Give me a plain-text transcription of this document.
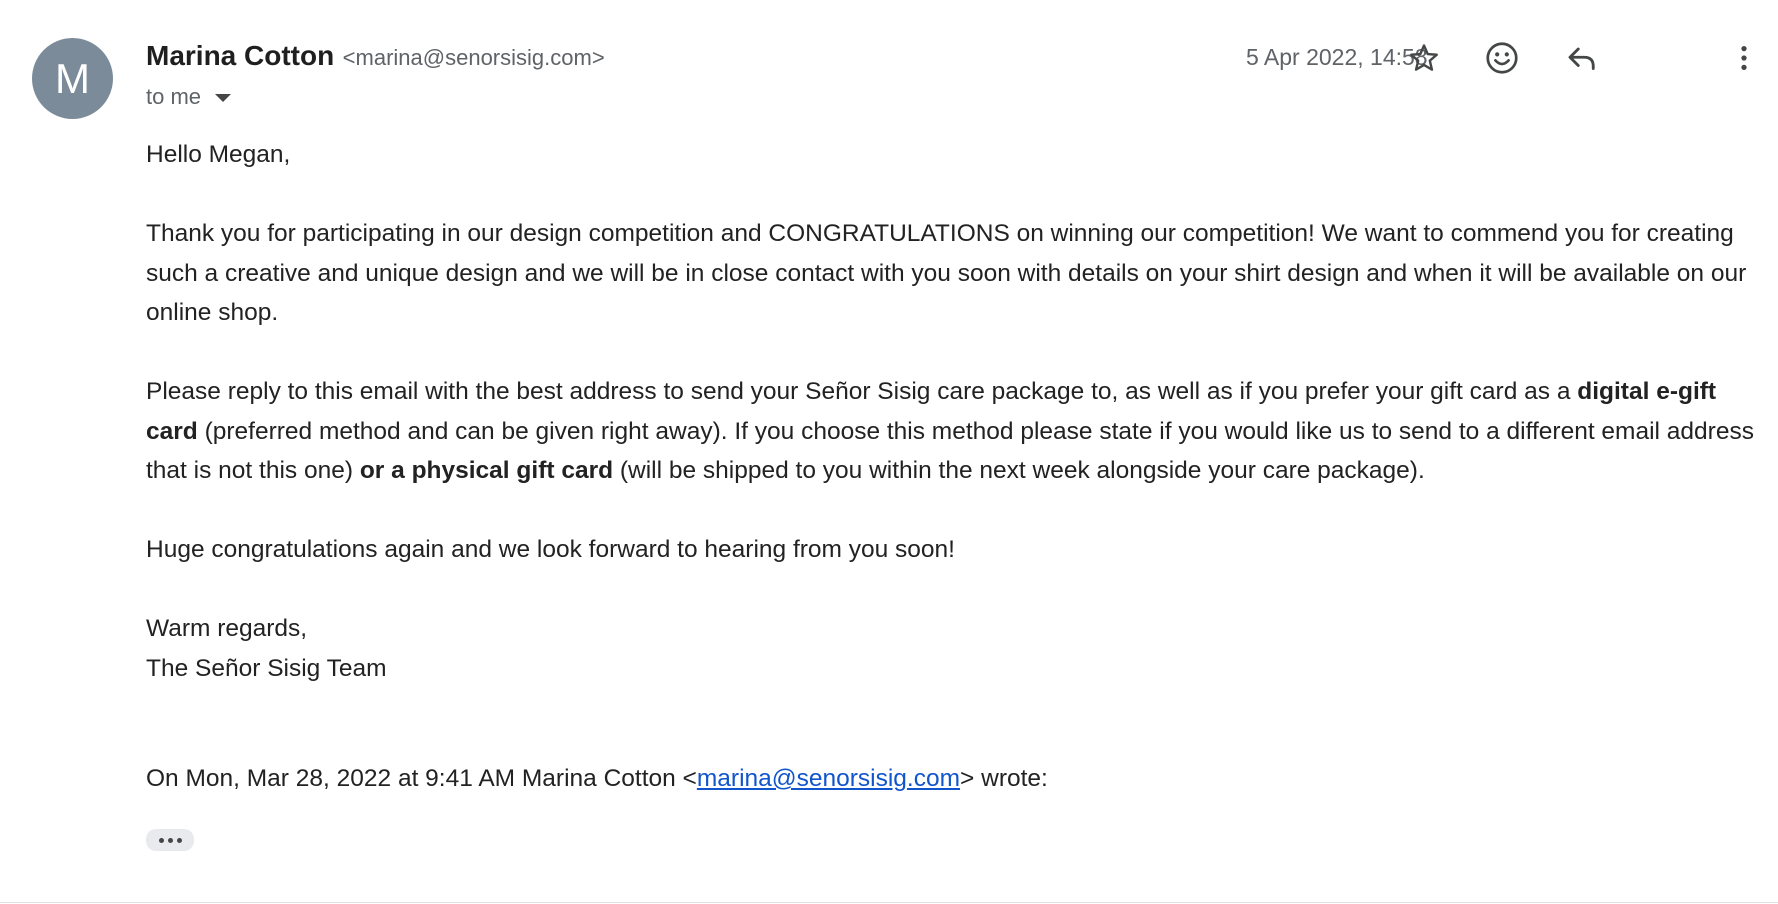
M	Marina Cotton <marina@senorsisig.com>
to me
5 Apr 2022, 14:58

Hello Megan,

Thank you for participating in our design competition and CONGRATULATIONS on winning our competition! We want to commend you for creating such a creative and unique design and we will be in close contact with you soon with details on your shirt design and when it will be available on our online shop.

Please reply to this email with the best address to send your Señor Sisig care package to, as well as if you prefer your gift card as a digital e-gift card (preferred method and can be given right away). If you choose this method please state if you would like us to send to a different email address that is not this one) or a physical gift card (will be shipped to you within the next week alongside your care package).

Huge congratulations again and we look forward to hearing from you soon!

Warm regards,
The Señor Sisig Team

On Mon, Mar 28, 2022 at 9:41 AM Marina Cotton <marina@senorsisig.com> wrote:
